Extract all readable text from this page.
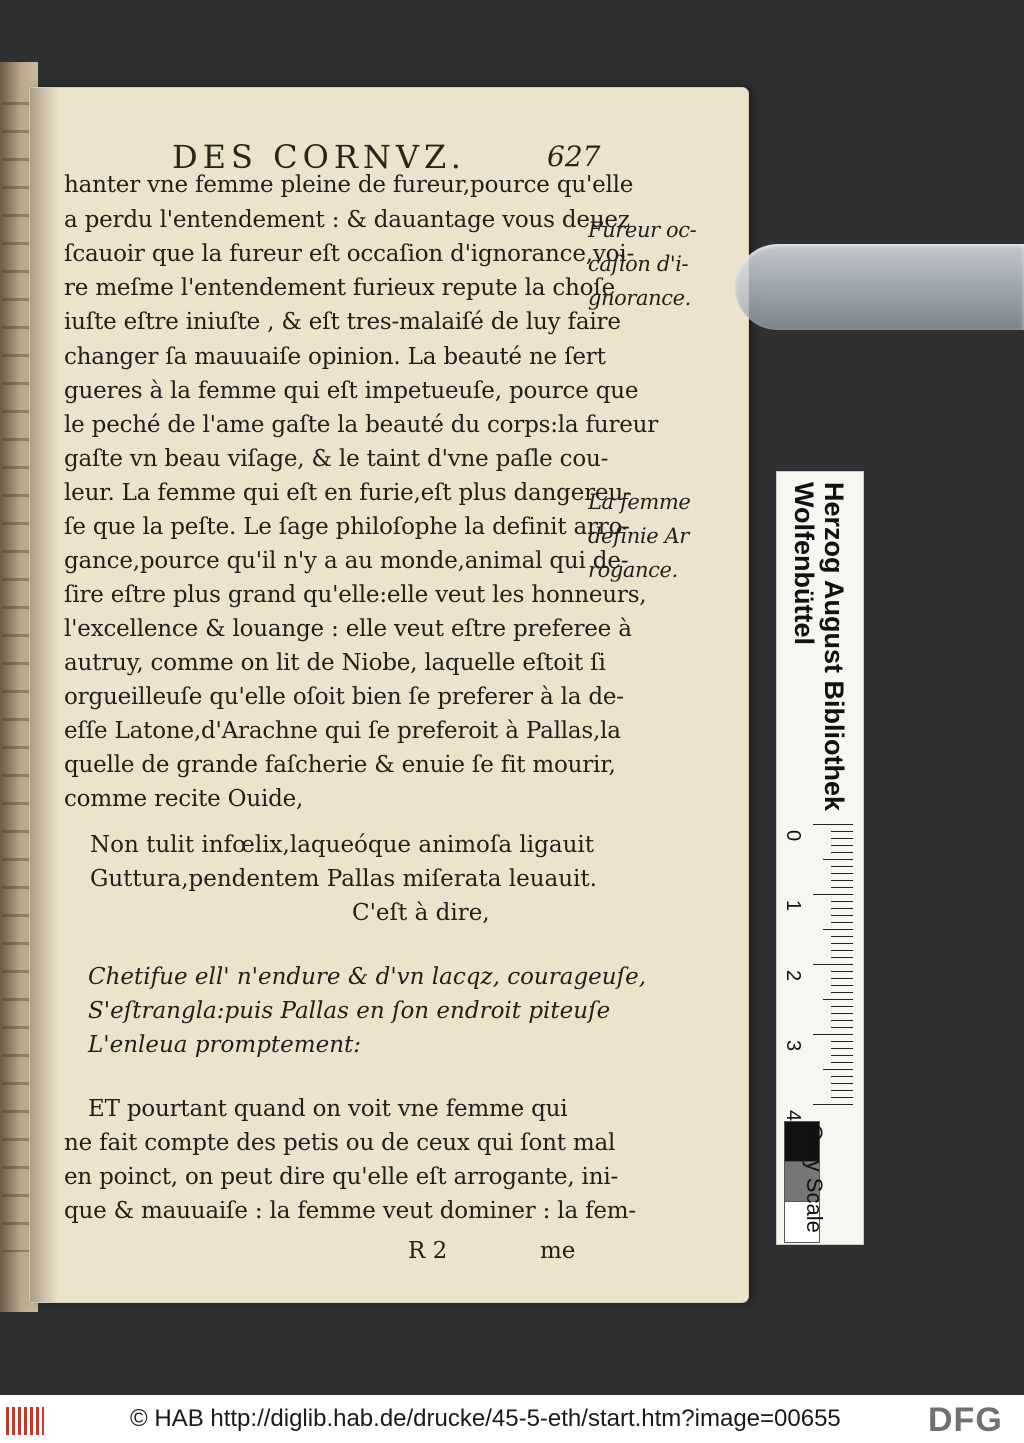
DES CORNVZ.	627
hanter vne femme pleine de fureur,pource qu'elle
a perdu l'entendement : & dauantage vous deuez
ſcauoir que la fureur eſt occaſion d'ignorance,voi-
re meſme l'entendement furieux repute la choſe
iuſte eſtre iniuſte , & eſt tres-malaiſé de luy faire
changer ſa mauuaiſe opinion. La beauté ne ſert
gueres à la femme qui eſt impetueuſe, pource que
le peché de l'ame gaſte la beauté du corps:la fureur
gaſte vn beau viſage, & le taint d'vne paſle cou-
leur. La femme qui eſt en furie,eſt plus dangereu-
ſe que la peſte. Le ſage philoſophe la definit arro-
gance,pource qu'il n'y a au monde,animal qui de-
ſire eſtre plus grand qu'elle:elle veut les honneurs,
l'excellence & louange : elle veut eſtre preferee à
autruy, comme on lit de Niobe, laquelle eſtoit ſi
orgueilleuſe qu'elle oſoit bien ſe preferer à la de-
eſſe Latone,d'Arachne qui ſe preferoit à Pallas,la
quelle de grande faſcherie & enuie ſe fit mourir,
comme recite Ouide,
Fureur oc-
caſion d'i-
gnorance.
La femme
definie Ar
rogance.
Non tulit infœlix,laqueóque animoſa ligauit
Guttura,pendentem Pallas miſerata leuauit.
C'eſt à dire,
Chetifue ell' n'endure & d'vn lacqz, courageuſe,
S'eſtrangla:puis Pallas en ſon endroit piteuſe
L'enleua promptement:
ET pourtant quand on voit vne femme qui
ne fait compte des petis ou de ceux qui ſont mal
en poinct, on peut dire qu'elle eſt arrogante, ini-
que & mauuaiſe : la femme veut dominer : la fem-
R 2	me
Herzog August Bibliothek
Wolfenbüttel
0
1
2
3
4
Gray Scale
© HAB http://diglib.hab.de/drucke/45-5-eth/start.htm?image=00655	DFG
